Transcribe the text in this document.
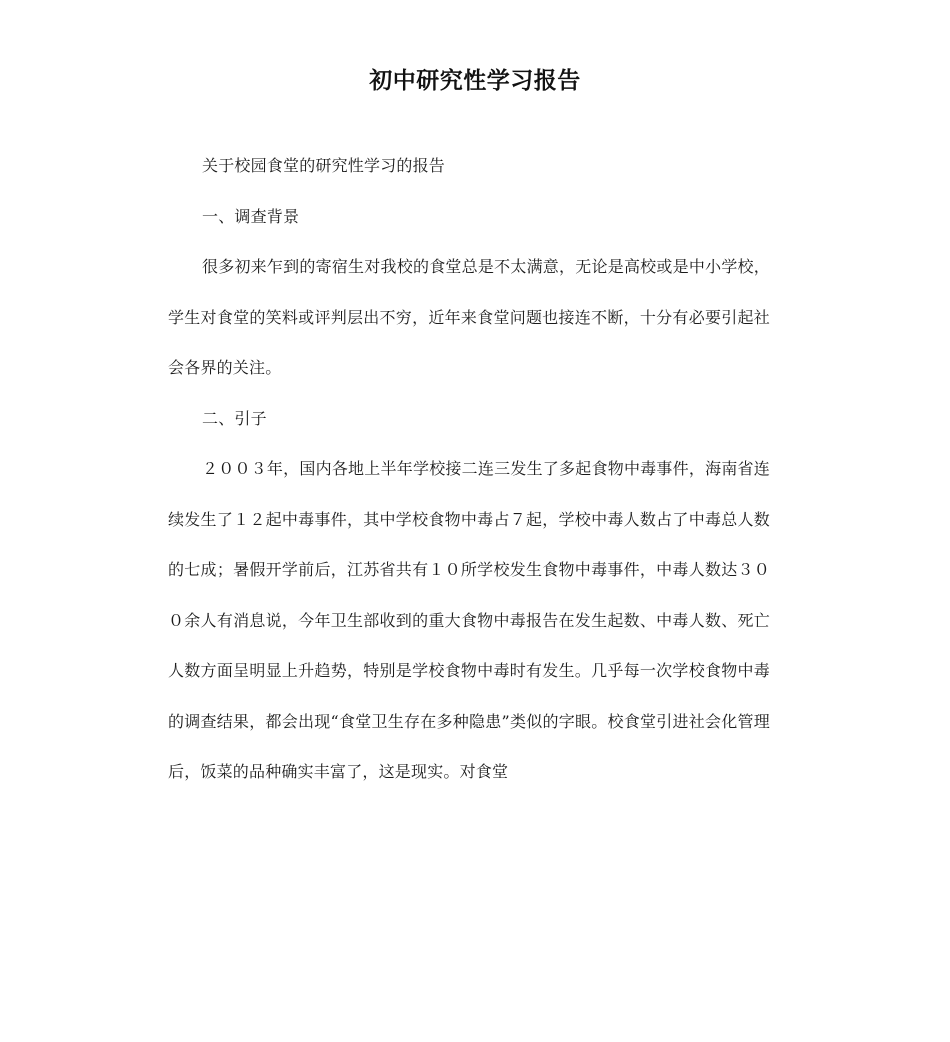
初中研究性学习报告

关于校园食堂的研究性学习的报告

一、调查背景

很多初来乍到的寄宿生对我校的食堂总是不太满意，无论是高校或是中小学校，学生对食堂的笑料或评判层出不穷，近年来食堂问题也接连不断，十分有必要引起社会各界的关注。

二、引子

２００３年，国内各地上半年学校接二连三发生了多起食物中毒事件，海南省连续发生了１２起中毒事件，其中学校食物中毒占７起，学校中毒人数占了中毒总人数的七成；暑假开学前后，江苏省共有１０所学校发生食物中毒事件，中毒人数达３００余人有消息说，今年卫生部收到的重大食物中毒报告在发生起数、中毒人数、死亡人数方面呈明显上升趋势，特别是学校食物中毒时有发生。几乎每一次学校食物中毒的调查结果，都会出现“食堂卫生存在多种隐患”类似的字眼。校食堂引进社会化管理后，饭菜的品种确实丰富了，这是现实。对食堂
